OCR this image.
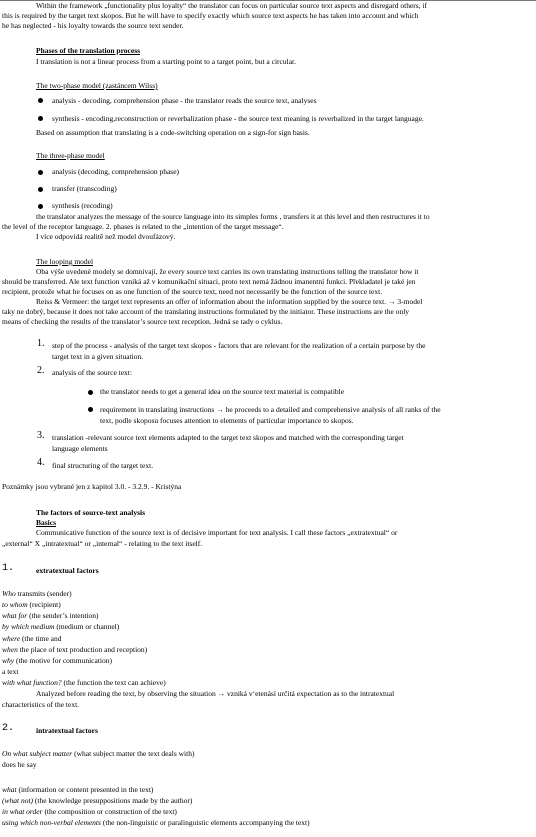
Within the framework „functionality plus loyalty“ the translator can focus on particular source text aspects and disregard others, if
this is required by the target text skopos. But he will have to specify exactly which source text aspects he has taken into account and which
he has neglected - his loyalty towards the source text sender.
Phases of the translation process
I translation is not a linear process from a starting point to a target point, but a circular.
The two-phase model (zastáncem Wilss)
analysis - decoding, comprehension phase - the translator reads the source text, analyses
synthesis - encoding,reconstruction or reverbalization phase - the source text meaning is reverbalized in the target language.
Based on assumption that translating is a code-switching operation on a sign-for sign basis.
The three-phase model
analysis (decoding, comprehension phase)
transfer (transcoding)
synthesis (recoding)
the translator analyzes the message of the source language into its simples forms , transfers it at this level and then restructures it to
the level of the receptor language. 2. phases is related to the „intention of the target message“.
I více odpovídá realitě než model dvoufázový.
The looping model
Oba výše uvedené modely se domnívají, že every source text carries its own translating instructions telling the translator how it
should be transferred. Ale text function vzniká až v komunikační situaci, proto text nemá žádnou imanentní funkci. Překladatel je také jen
recipient, protože what he focuses on as one function of the source text, need not necessarily be the function of the source text.
Reiss & Vermeer: the target text represents an offer of information about the information supplied by the source text. → 3-model
taky ne dobrý, because it does not take account of the translating instructions formulated by the initiator. These instructions are the only
means of checking the results of the translator’s source text reception. Jedná se tady o cyklus.
1. step of the process - analysis of the target text skopos - factors that are relevant for the realization of a certain purpose by the
target text in a given situation.
2. analysis of the source text:
the translator needs to get a general idea on the source text material is compatible
requirement in translating instructions → he proceeds to a detailed and comprehensive analysis of all ranks of the
text, podle skoposu focuses attention to elements of particular importance to skopos.
3. translation -relevant source text elements adapted to the target text skopos and matched with the corresponding target
language elements
4. final structuring of the target text.
Poznámky jsou vybrané jen z kapitol 3.0. - 3.2.9. - Kristýna
The factors of source-text analysis
Basics
Communicative function of the source text is of decisive important for text analysis. I call these factors „extratextual“ or
„external“ X „intratextual“ or „internal“ - relating to the text itself.
1.	extratextual factors
Who transmits (sender)
to whom (recipient)
what for (the sender’s intention)
by which medium (medium or channel)
where (the time and
when the place of text production and reception)
why (the motive for communication)
a text
with what function? (the function the text can achieve)
Analyzed before reading the text, by observing the situation → vzniká v‘etenásí určitá expectation as to the intratextual
characteristics of the text.
2.	intratextual factors
On what subject matter (what subject matter the text deals with)
does he say
what (information or content presented in the text)
(what not) (the knowledge presuppositions made by the author)
in what order (the composition or construction of the text)
using which non-verbal elements (the non-linguistic or paralinguistic elements accompanying the text)
